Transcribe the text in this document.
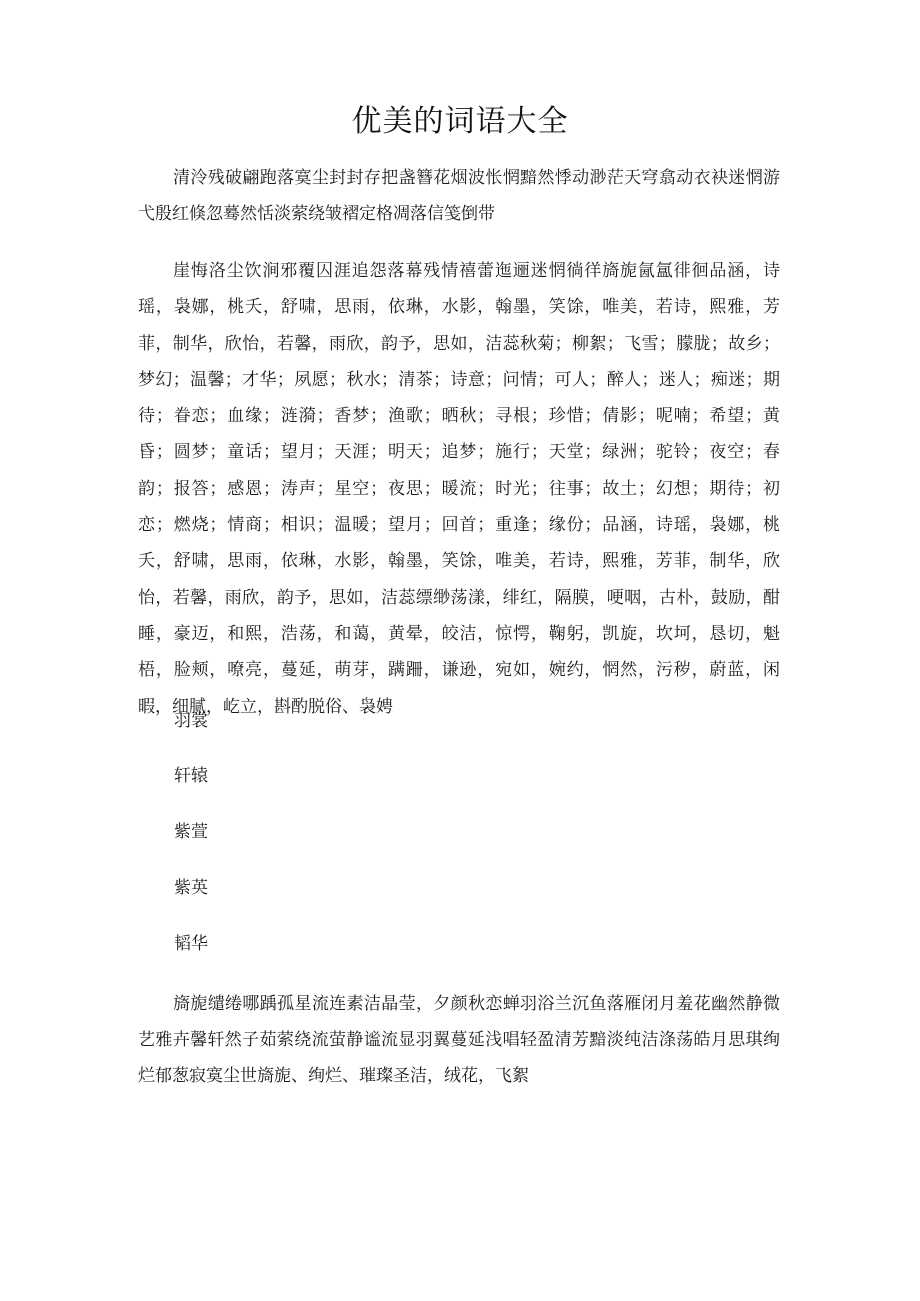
优美的词语大全

清泠残破翩跑落寞尘封封存把盏簪花烟波怅惘黯然悸动渺茫天穹翕动衣袂迷惘游弋殷红倏忽蓦然恬淡萦绕皱褶定格凋落信笺倒带

崖悔洛尘饮涧邪覆囚涯追怨落幕残情禧蕾迤逦迷惘徜徉旖旎氤氲徘徊品涵，诗瑶，袅娜，桃夭，舒啸，思雨，依琳，水影，翰墨，笑馀，唯美，若诗，熙雅，芳菲，制华，欣怡，若馨，雨欣，韵予，思如，洁蕊秋菊；柳絮；飞雪；朦胧；故乡；梦幻；温馨；才华；夙愿；秋水；清茶；诗意；问情；可人；醉人；迷人；痴迷；期待；眷恋；血缘；涟漪；香梦；渔歌；晒秋；寻根；珍惜；倩影；呢喃；希望；黄昏；圆梦；童话；望月；天涯；明天；追梦；施行；天堂；绿洲；驼铃；夜空；春韵；报答；感恩；涛声；星空；夜思；暖流；时光；往事；故土；幻想；期待；初恋；燃烧；情商；相识；温暖；望月；回首；重逢；缘份；品涵，诗瑶，袅娜，桃夭，舒啸，思雨，依琳，水影，翰墨，笑馀，唯美，若诗，熙雅，芳菲，制华，欣怡，若馨，雨欣，韵予，思如，洁蕊缥缈荡漾，绯红，隔膜，哽咽，古朴，鼓励，酣睡，豪迈，和熙，浩荡，和蔼，黄晕，皎洁，惊愕，鞠躬，凯旋，坎坷，恳切，魁梧，脸颊，嘹亮，蔓延，萌芽，蹒跚，谦逊，宛如，婉约，惘然，污秽，蔚蓝，闲暇，细腻，屹立，斟酌脱俗、袅娉

羽裳

轩辕

紫萱

紫英

韬华

旖旎缱绻哪踽孤星流连素洁晶莹，夕颜秋恋蝉羽浴兰沉鱼落雁闭月羞花幽然静微艺雅卉馨轩然子茹萦绕流萤静谧流显羽翼蔓延浅唱轻盈清芳黯淡纯洁涤荡皓月思琪绚烂郁葱寂寞尘世旖旎、绚烂、璀璨圣洁，绒花，飞絮
